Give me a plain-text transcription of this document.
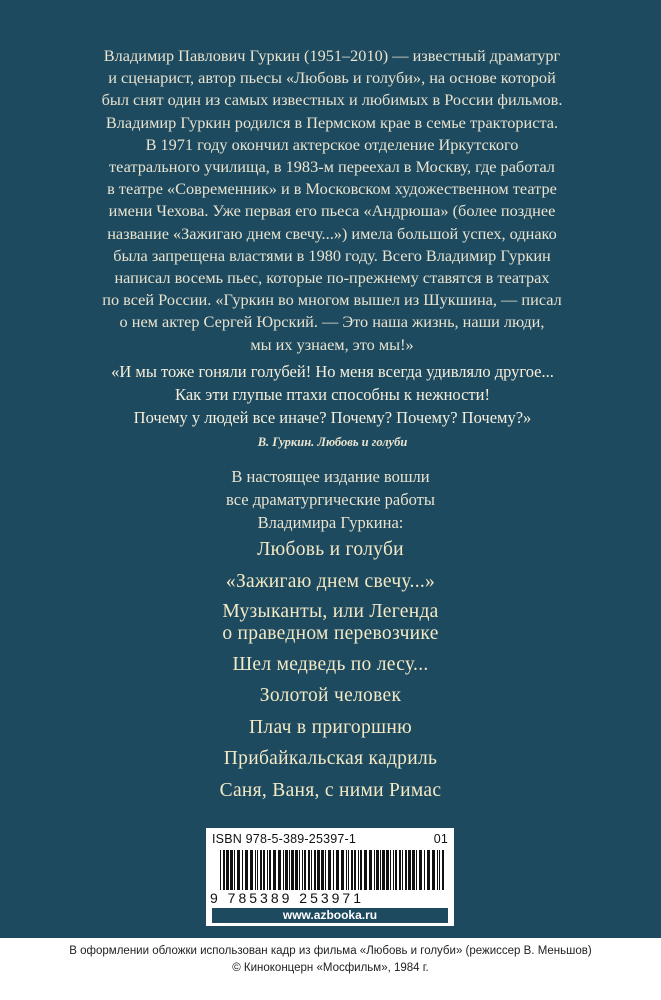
Владимир Павлович Гуркин (1951–2010) — известный драматург
и сценарист, автор пьесы «Любовь и голуби», на основе которой
был снят один из самых известных и любимых в России фильмов.
Владимир Гуркин родился в Пермском крае в семье тракториста.
В 1971 году окончил актерское отделение Иркутского
театрального училища, в 1983-м переехал в Москву, где работал
в театре «Современник» и в Московском художественном театре
имени Чехова. Уже первая его пьеса «Андрюша» (более позднее
название «Зажигаю днем свечу...») имела большой успех, однако
была запрещена властями в 1980 году. Всего Владимир Гуркин
написал восемь пьес, которые по-прежнему ставятся в театрах
по всей России. «Гуркин во многом вышел из Шукшина, — писал
о нем актер Сергей Юрский. — Это наша жизнь, наши люди,
мы их узнаем, это мы!»

«И мы тоже гоняли голубей! Но меня всегда удивляло другое...
Как эти глупые птахи способны к нежности!
Почему у людей все иначе? Почему? Почему? Почему?»
В. Гуркин. Любовь и голуби

В настоящее издание вошли
все драматургические работы
Владимира Гуркина:

Любовь и голуби
«Зажигаю днем свечу...»
Музыканты, или Легенда
о праведном перевозчике
Шел медведь по лесу...
Золотой человек
Плач в пригоршню
Прибайкальская кадриль
Саня, Ваня, с ними Римас
ISBN 978-5-389-25397-1	01
9 785389 253971
www.azbooka.ru
В оформлении обложки использован кадр из фильма «Любовь и голуби» (режиссер В. Меньшов)
© Киноконцерн «Мосфильм», 1984 г.
